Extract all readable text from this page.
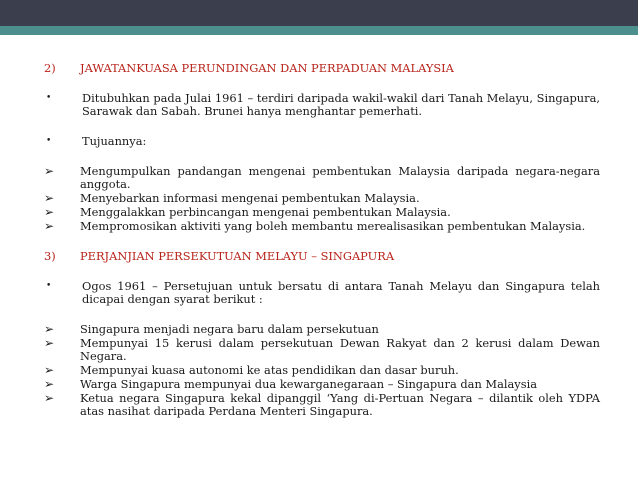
2)	JAWATANKUASA PERUNDINGAN DAN PERPADUAN MALAYSIA
•	Ditubuhkan pada Julai 1961 – terdiri daripada wakil-wakil dari Tanah Melayu, Singapura, Sarawak dan Sabah. Brunei hanya menghantar pemerhati.
•	Tujuannya:
➢	Mengumpulkan pandangan mengenai pembentukan Malaysia daripada negara-negara anggota.
➢	Menyebarkan informasi mengenai pembentukan Malaysia.
➢	Menggalakkan perbincangan mengenai pembentukan Malaysia.
➢	Mempromosikan aktiviti yang boleh membantu merealisasikan pembentukan Malaysia.
3)	PERJANJIAN PERSEKUTUAN MELAYU – SINGAPURA
•	Ogos 1961 – Persetujuan untuk bersatu di antara Tanah Melayu dan Singapura telah dicapai dengan syarat berikut :
➢	Singapura menjadi negara baru dalam persekutuan
➢	Mempunyai 15 kerusi dalam persekutuan Dewan Rakyat dan 2 kerusi dalam Dewan Negara.
➢	Mempunyai kuasa autonomi ke atas pendidikan dan dasar buruh.
➢	Warga Singapura mempunyai dua kewarganegaraan – Singapura dan Malaysia
➢	Ketua negara Singapura kekal dipanggil ‘Yang di-Pertuan Negara – dilantik oleh YDPA atas nasihat daripada Perdana Menteri Singapura.
